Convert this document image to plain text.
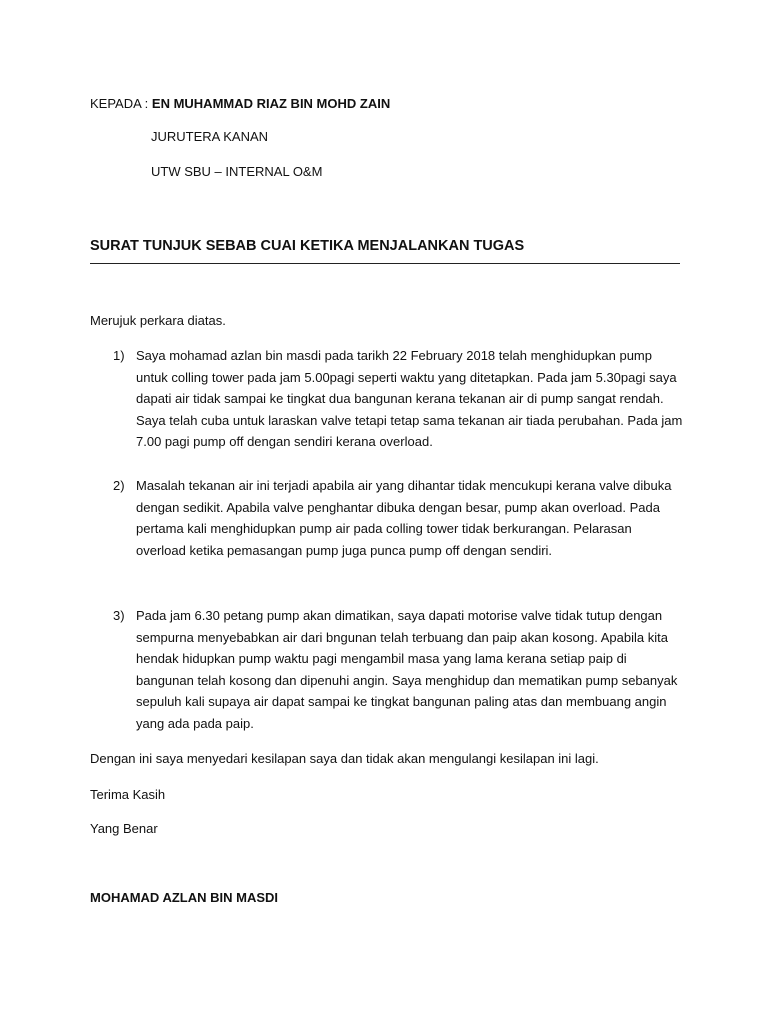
KEPADA : EN MUHAMMAD RIAZ BIN MOHD ZAIN
JURUTERA KANAN
UTW SBU – INTERNAL O&M
SURAT TUNJUK SEBAB CUAI KETIKA MENJALANKAN TUGAS
Merujuk perkara diatas.
1) Saya mohamad azlan bin masdi pada tarikh 22 February 2018 telah menghidupkan pump untuk colling tower pada jam 5.00pagi seperti waktu yang ditetapkan. Pada jam 5.30pagi saya dapati air tidak sampai ke tingkat dua bangunan kerana tekanan air di pump sangat rendah. Saya telah cuba untuk laraskan valve tetapi tetap sama tekanan air tiada perubahan. Pada jam 7.00 pagi pump off dengan sendiri kerana overload.
2) Masalah tekanan air ini terjadi apabila air yang dihantar tidak mencukupi kerana valve dibuka dengan sedikit. Apabila valve penghantar dibuka dengan besar, pump akan overload. Pada pertama kali menghidupkan pump air pada colling tower tidak berkurangan. Pelarasan overload ketika pemasangan pump juga punca pump off dengan sendiri.
3) Pada jam 6.30 petang pump akan dimatikan, saya dapati motorise valve tidak tutup dengan sempurna menyebabkan air dari bngunan telah terbuang dan paip akan kosong. Apabila kita hendak hidupkan pump waktu pagi mengambil masa yang lama kerana setiap paip di bangunan telah kosong dan dipenuhi angin. Saya menghidup dan mematikan pump sebanyak sepuluh kali supaya air dapat sampai ke tingkat bangunan paling atas dan membuang angin yang ada pada paip.
Dengan ini saya menyedari kesilapan saya dan tidak akan mengulangi kesilapan ini lagi.
Terima Kasih
Yang Benar
MOHAMAD AZLAN BIN MASDI
